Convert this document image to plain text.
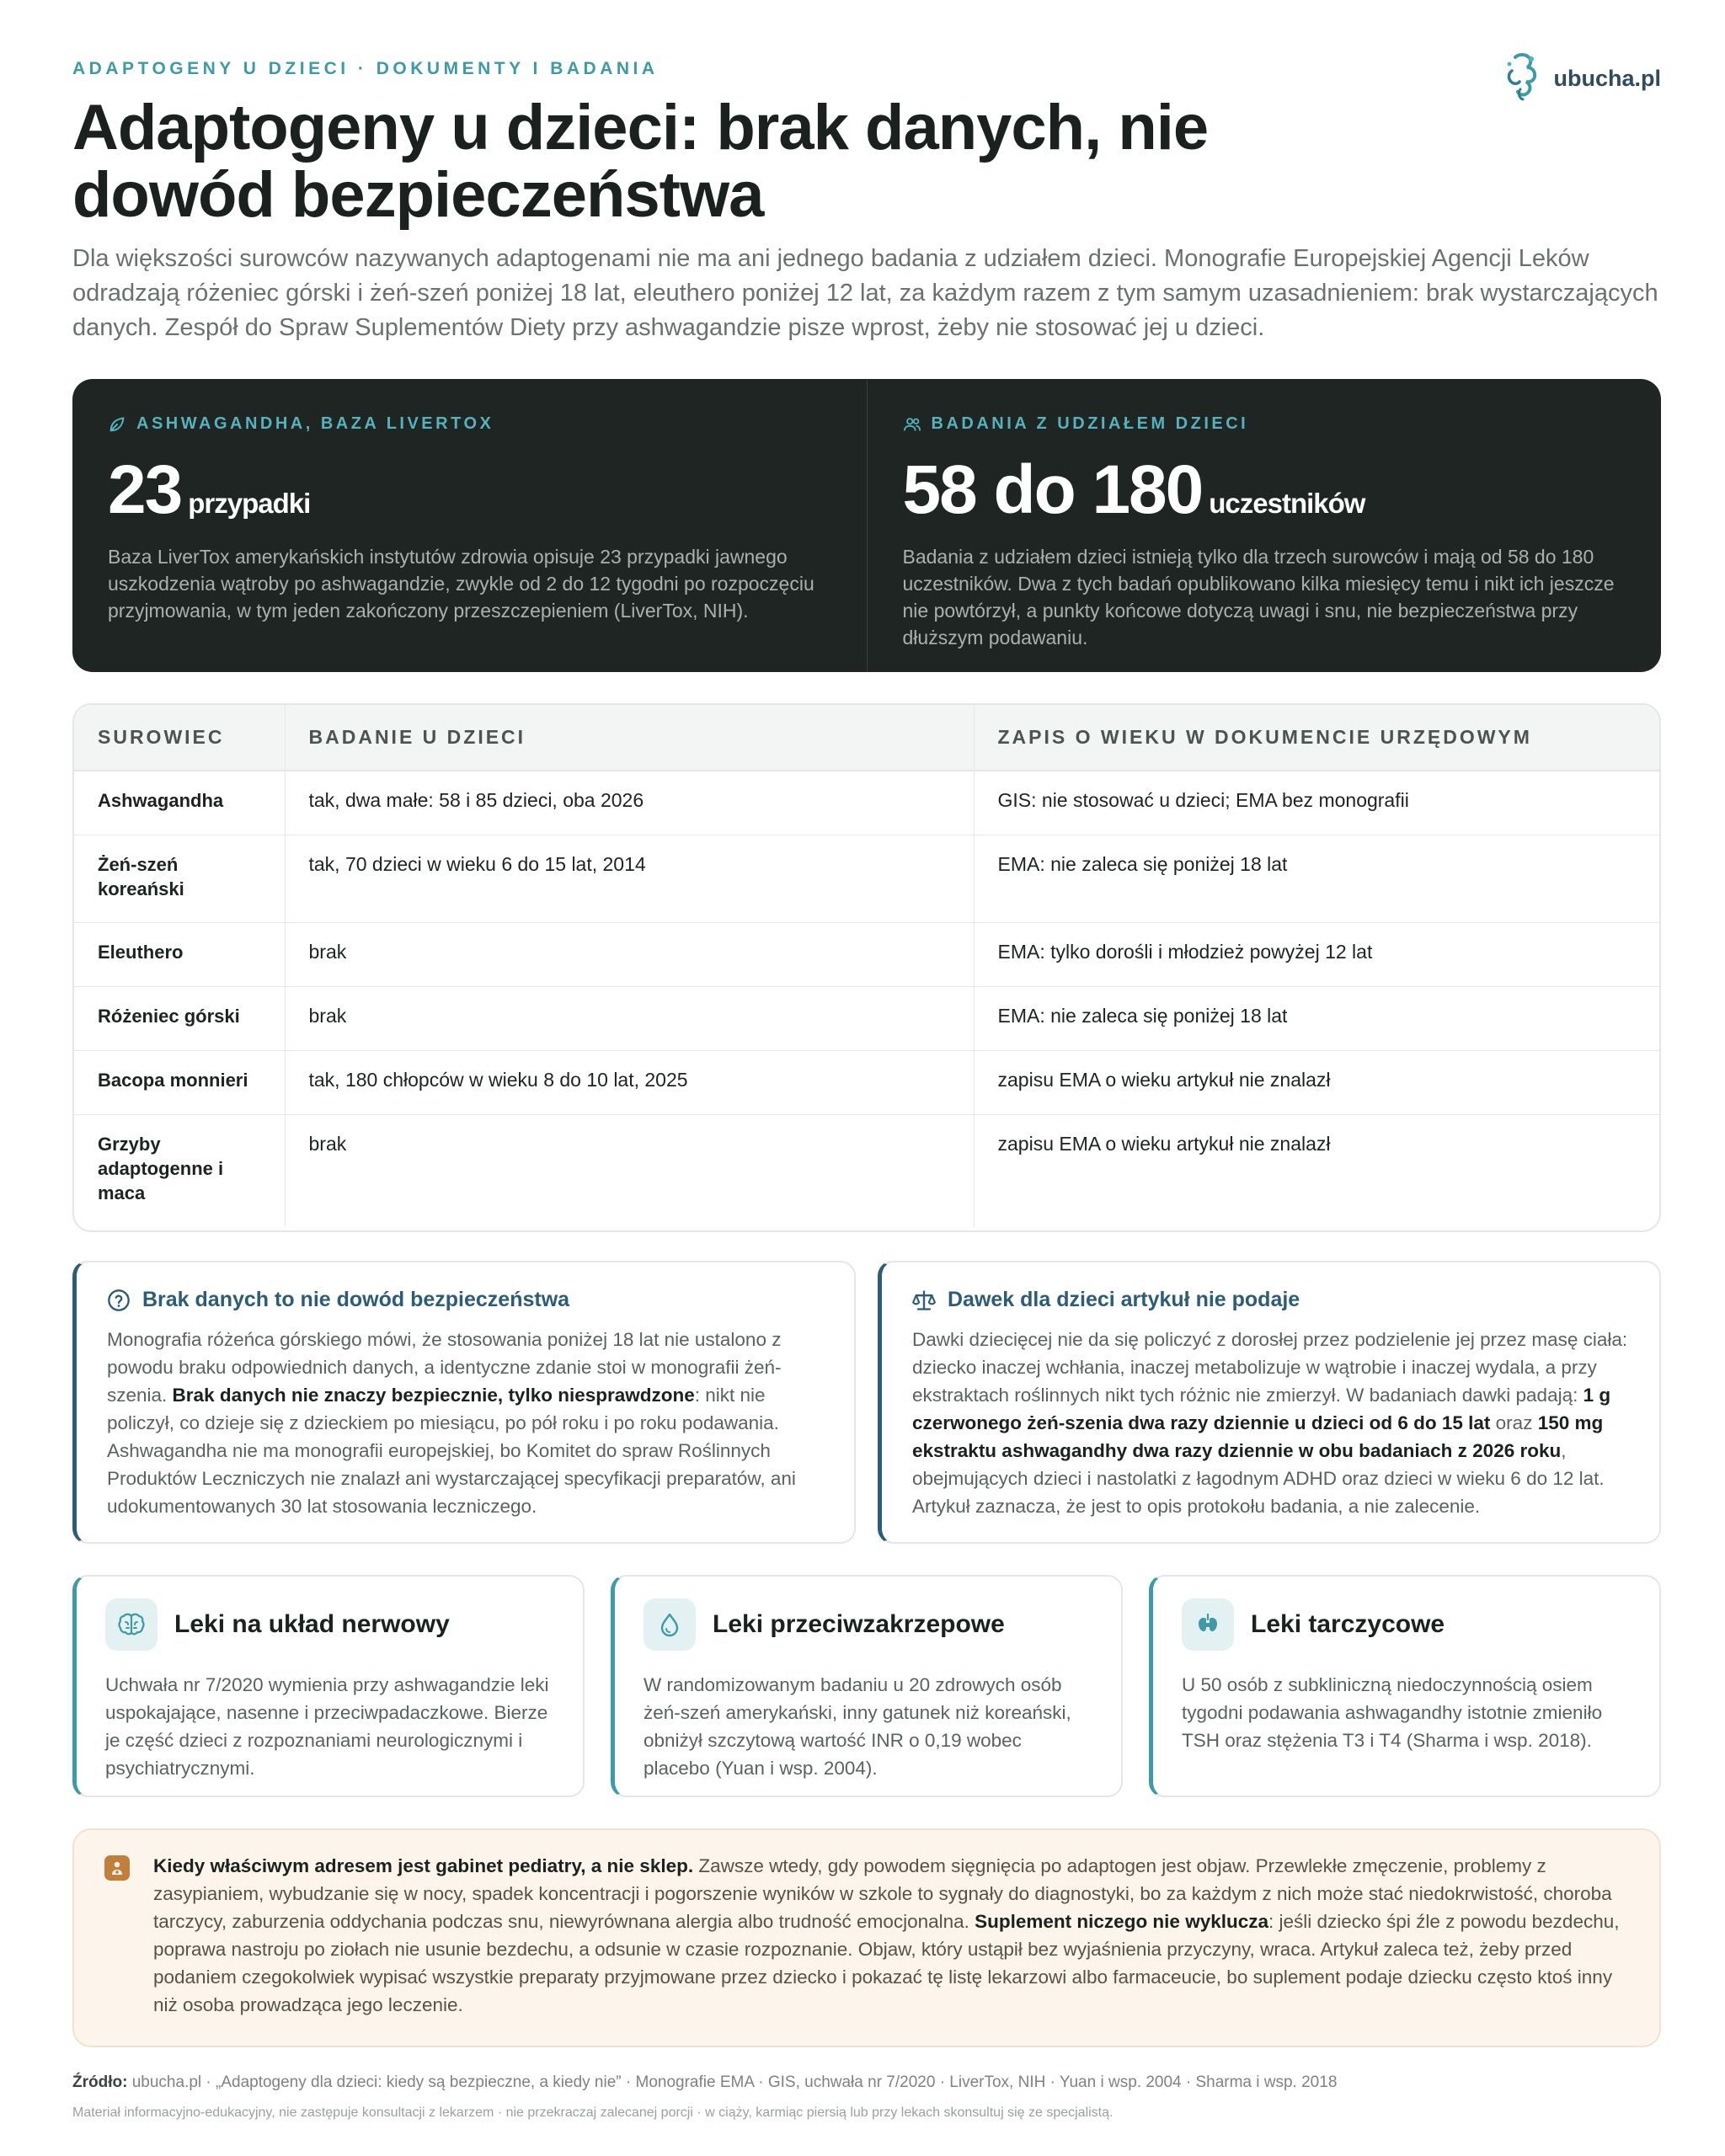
ADAPTOGENY U DZIECI · DOKUMENTY I BADANIA	ubucha.pl
Adaptogeny u dzieci: brak danych, nie dowód bezpieczeństwa

Dla większości surowców nazywanych adaptogenami nie ma ani jednego badania z udziałem dzieci. Monografie Europejskiej Agencji Leków odradzają różeniec górski i żeń-szeń poniżej 18 lat, eleuthero poniżej 12 lat, za każdym razem z tym samym uzasadnieniem: brak wystarczających danych. Zespół do Spraw Suplementów Diety przy ashwagandzie pisze wprost, żeby nie stosować jej u dzieci.

ASHWAGANDHA, BAZA LIVERTOX
23 przypadki

Baza LiverTox amerykańskich instytutów zdrowia opisuje 23 przypadki jawnego uszkodzenia wątroby po ashwagandzie, zwykle od 2 do 12 tygodni po rozpoczęciu przyjmowania, w tym jeden zakończony przeszczepieniem (LiverTox, NIH).

BADANIA Z UDZIAŁEM DZIECI
58 do 180 uczestników

Badania z udziałem dzieci istnieją tylko dla trzech surowców i mają od 58 do 180 uczestników. Dwa z tych badań opublikowano kilka miesięcy temu i nikt ich jeszcze nie powtórzył, a punkty końcowe dotyczą uwagi i snu, nie bezpieczeństwa przy dłuższym podawaniu.

SUROWIEC	BADANIE U DZIECI	ZAPIS O WIEKU W DOKUMENCIE URZĘDOWYM
Ashwagandha	tak, dwa małe: 58 i 85 dzieci, oba 2026	GIS: nie stosować u dzieci; EMA bez monografii
Żeń-szeń koreański	tak, 70 dzieci w wieku 6 do 15 lat, 2014	EMA: nie zaleca się poniżej 18 lat
Eleuthero	brak	EMA: tylko dorośli i młodzież powyżej 12 lat
Różeniec górski	brak	EMA: nie zaleca się poniżej 18 lat
Bacopa monnieri	tak, 180 chłopców w wieku 8 do 10 lat, 2025	zapisu EMA o wieku artykuł nie znalazł
Grzyby adaptogenne i maca	brak	zapisu EMA o wieku artykuł nie znalazł
Brak danych to nie dowód bezpieczeństwa

Monografia różeńca górskiego mówi, że stosowania poniżej 18 lat nie ustalono z powodu braku odpowiednich danych, a identyczne zdanie stoi w monografii żeń-szenia. Brak danych nie znaczy bezpiecznie, tylko niesprawdzone: nikt nie policzył, co dzieje się z dzieckiem po miesiącu, po pół roku i po roku podawania. Ashwagandha nie ma monografii europejskiej, bo Komitet do spraw Roślinnych Produktów Leczniczych nie znalazł ani wystarczającej specyfikacji preparatów, ani udokumentowanych 30 lat stosowania leczniczego.

Dawek dla dzieci artykuł nie podaje

Dawki dziecięcej nie da się policzyć z dorosłej przez podzielenie jej przez masę ciała: dziecko inaczej wchłania, inaczej metabolizuje w wątrobie i inaczej wydala, a przy ekstraktach roślinnych nikt tych różnic nie zmierzył. W badaniach dawki padają: 1 g czerwonego żeń-szenia dwa razy dziennie u dzieci od 6 do 15 lat oraz 150 mg ekstraktu ashwagandhy dwa razy dziennie w obu badaniach z 2026 roku, obejmujących dzieci i nastolatki z łagodnym ADHD oraz dzieci w wieku 6 do 12 lat. Artykuł zaznacza, że jest to opis protokołu badania, a nie zalecenie.

Leki na układ nerwowy

Uchwała nr 7/2020 wymienia przy ashwagandzie leki uspokajające, nasenne i przeciwpadaczkowe. Bierze je część dzieci z rozpoznaniami neurologicznymi i psychiatrycznymi.

Leki przeciwzakrzepowe

W randomizowanym badaniu u 20 zdrowych osób żeń-szeń amerykański, inny gatunek niż koreański, obniżył szczytową wartość INR o 0,19 wobec placebo (Yuan i wsp. 2004).

Leki tarczycowe

U 50 osób z subkliniczną niedoczynnością osiem tygodni podawania ashwagandhy istotnie zmieniło TSH oraz stężenia T3 i T4 (Sharma i wsp. 2018).

Kiedy właściwym adresem jest gabinet pediatry, a nie sklep. Zawsze wtedy, gdy powodem sięgnięcia po adaptogen jest objaw. Przewlekłe zmęczenie, problemy z zasypianiem, wybudzanie się w nocy, spadek koncentracji i pogorszenie wyników w szkole to sygnały do diagnostyki, bo za każdym z nich może stać niedokrwistość, choroba tarczycy, zaburzenia oddychania podczas snu, niewyrównana alergia albo trudność emocjonalna. Suplement niczego nie wyklucza: jeśli dziecko śpi źle z powodu bezdechu, poprawa nastroju po ziołach nie usunie bezdechu, a odsunie w czasie rozpoznanie. Objaw, który ustąpił bez wyjaśnienia przyczyny, wraca. Artykuł zaleca też, żeby przed podaniem czegokolwiek wypisać wszystkie preparaty przyjmowane przez dziecko i pokazać tę listę lekarzowi albo farmaceucie, bo suplement podaje dziecku często ktoś inny niż osoba prowadząca jego leczenie.

Źródło: ubucha.pl · „Adaptogeny dla dzieci: kiedy są bezpieczne, a kiedy nie” · Monografie EMA · GIS, uchwała nr 7/2020 · LiverTox, NIH · Yuan i wsp. 2004 · Sharma i wsp. 2018

Materiał informacyjno-edukacyjny, nie zastępuje konsultacji z lekarzem · nie przekraczaj zalecanej porcji · w ciąży, karmiąc piersią lub przy lekach skonsultuj się ze specjalistą.
